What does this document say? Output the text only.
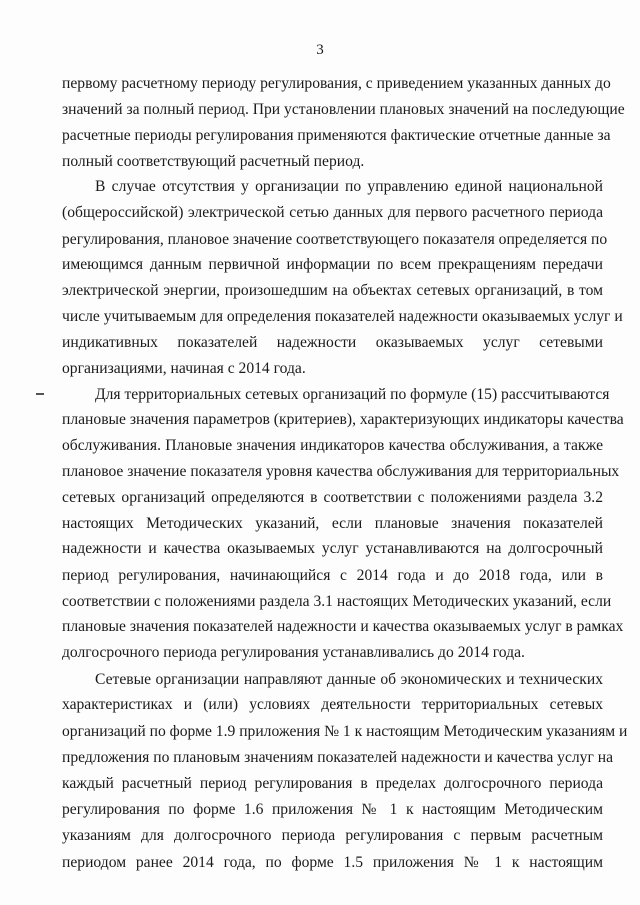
3
первому расчетному периоду регулирования, с приведением указанных данных до
значений за полный период. При установлении плановых значений на последующие
расчетные периоды регулирования применяются фактические отчетные данные за
полный соответствующий расчетный период.
В случае отсутствия у организации по управлению единой национальной
(общероссийской) электрической сетью данных для первого расчетного периода
регулирования, плановое значение соответствующего показателя определяется по
имеющимся данным первичной информации по всем прекращениям передачи
электрической энергии, произошедшим на объектах сетевых организаций, в том
числе учитываемым для определения показателей надежности оказываемых услуг и
индикативных показателей надежности оказываемых услуг сетевыми
организациями, начиная с 2014 года.
Для территориальных сетевых организаций по формуле (15) рассчитываются
плановые значения параметров (критериев), характеризующих индикаторы качества
обслуживания. Плановые значения индикаторов качества обслуживания, а также
плановое значение показателя уровня качества обслуживания для территориальных
сетевых организаций определяются в соответствии с положениями раздела 3.2
настоящих Методических указаний, если плановые значения показателей
надежности и качества оказываемых услуг устанавливаются на долгосрочный
период регулирования, начинающийся с 2014 года и до 2018 года, или в
соответствии с положениями раздела 3.1 настоящих Методических указаний, если
плановые значения показателей надежности и качества оказываемых услуг в рамках
долгосрочного периода регулирования устанавливались до 2014 года.
Сетевые организации направляют данные об экономических и технических
характеристиках и (или) условиях деятельности территориальных сетевых
организаций по форме 1.9 приложения № 1 к настоящим Методическим указаниям и
предложения по плановым значениям показателей надежности и качества услуг на
каждый расчетный период регулирования в пределах долгосрочного периода
регулирования по форме 1.6 приложения № 1 к настоящим Методическим
указаниям для долгосрочного периода регулирования с первым расчетным
периодом ранее 2014 года, по форме 1.5 приложения № 1 к настоящим
